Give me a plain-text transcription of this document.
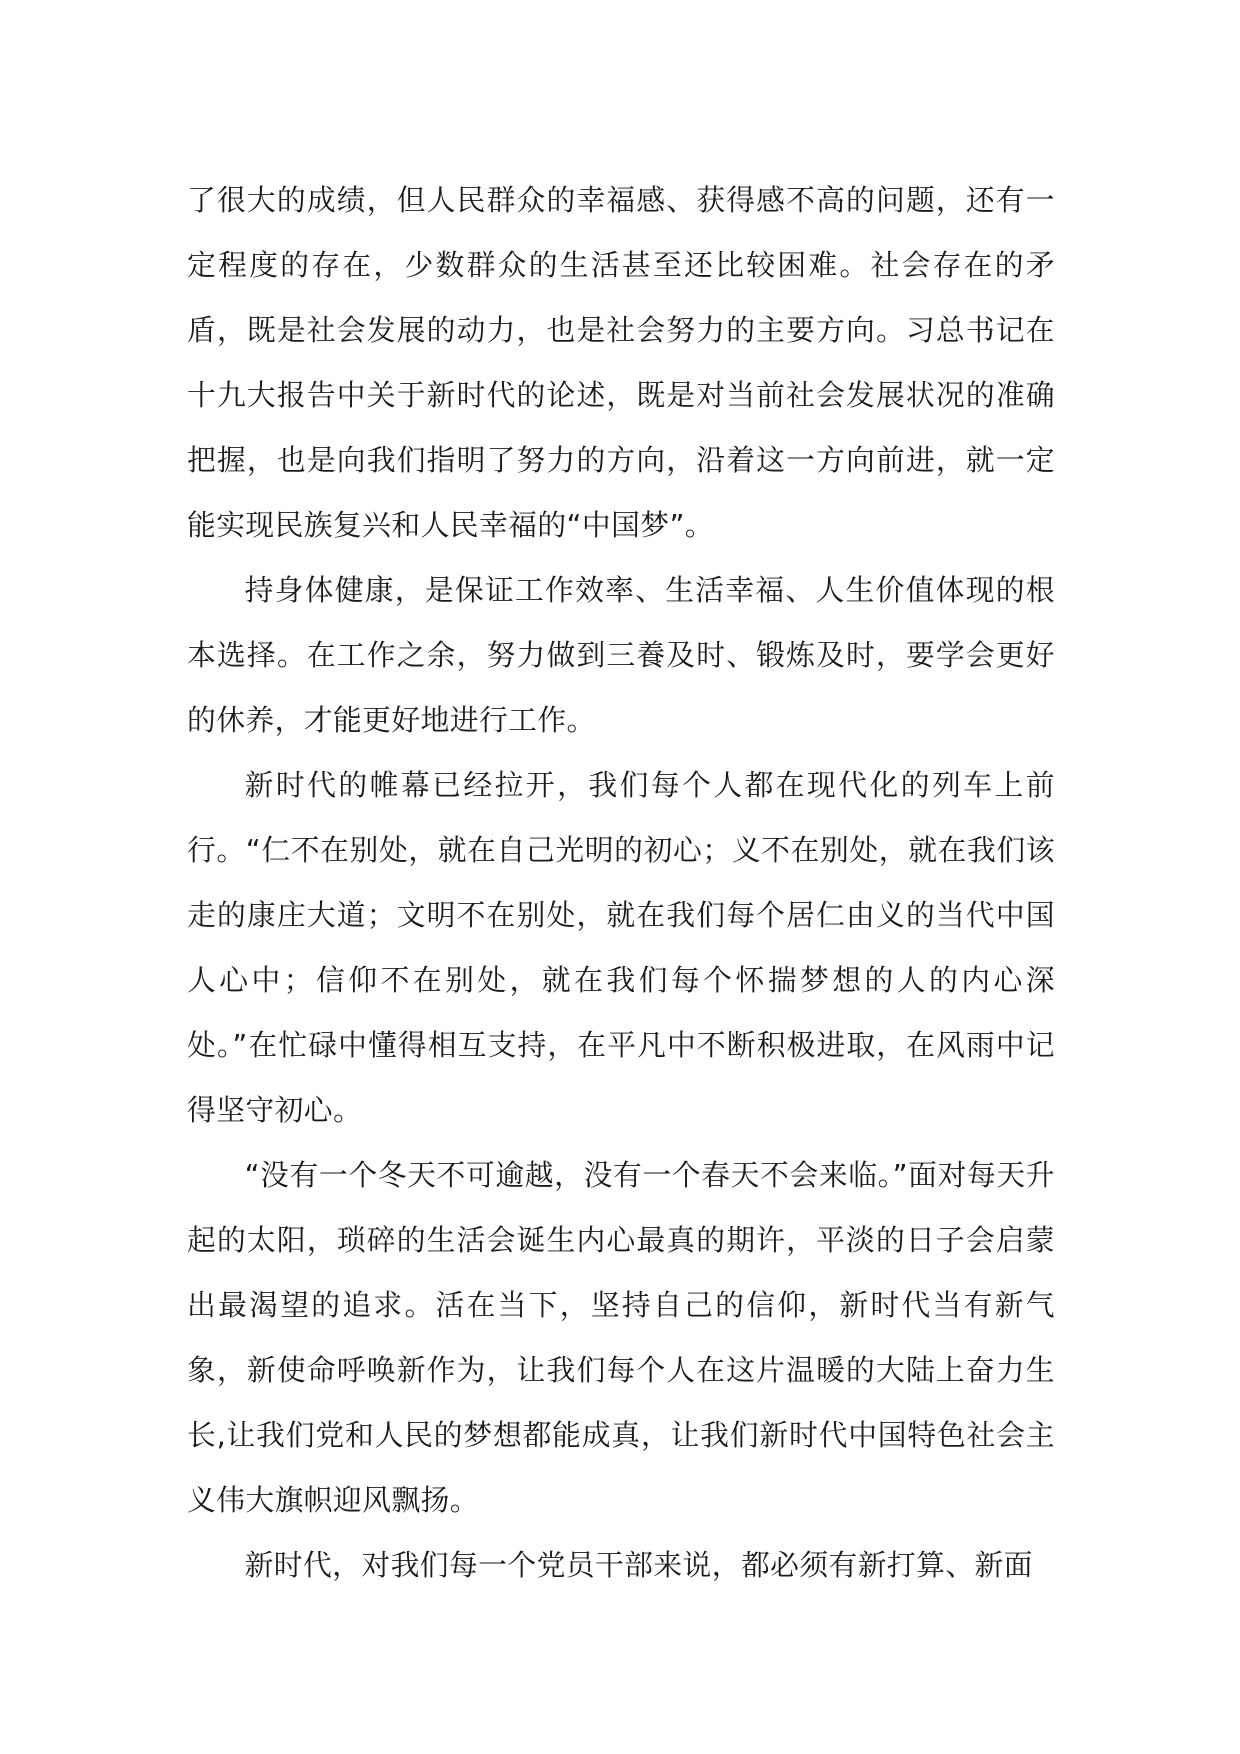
了很大的成绩，但人民群众的幸福感、获得感不高的问题，还有一定程度的存在，少数群众的生活甚至还比较困难。社会存在的矛盾，既是社会发展的动力，也是社会努力的主要方向。习总书记在十九大报告中关于新时代的论述，既是对当前社会发展状况的准确把握，也是向我们指明了努力的方向，沿着这一方向前进，就一定能实现民族复兴和人民幸福的“中国梦”。

持身体健康，是保证工作效率、生活幸福、人生价值体现的根本选择。在工作之余，努力做到三養及时、锻炼及时，要学会更好的休养，才能更好地进行工作。

新时代的帷幕已经拉开，我们每个人都在现代化的列车上前行。“仁不在别处，就在自己光明的初心；义不在别处，就在我们该走的康庄大道；文明不在别处，就在我们每个居仁由义的当代中国人心中；信仰不在别处，就在我们每个怀揣梦想的人的内心深处。”在忙碌中懂得相互支持，在平凡中不断积极进取，在风雨中记得坚守初心。

“没有一个冬天不可逾越，没有一个春天不会来临。”面对每天升起的太阳，琐碎的生活会诞生内心最真的期许，平淡的日子会启蒙出最渴望的追求。活在当下，坚持自己的信仰，新时代当有新气象，新使命呼唤新作为，让我们每个人在这片温暖的大陆上奋力生长,让我们党和人民的梦想都能成真，让我们新时代中国特色社会主义伟大旗帜迎风飘扬。

新时代，对我们每一个党员干部来说，都必须有新打算、新面
